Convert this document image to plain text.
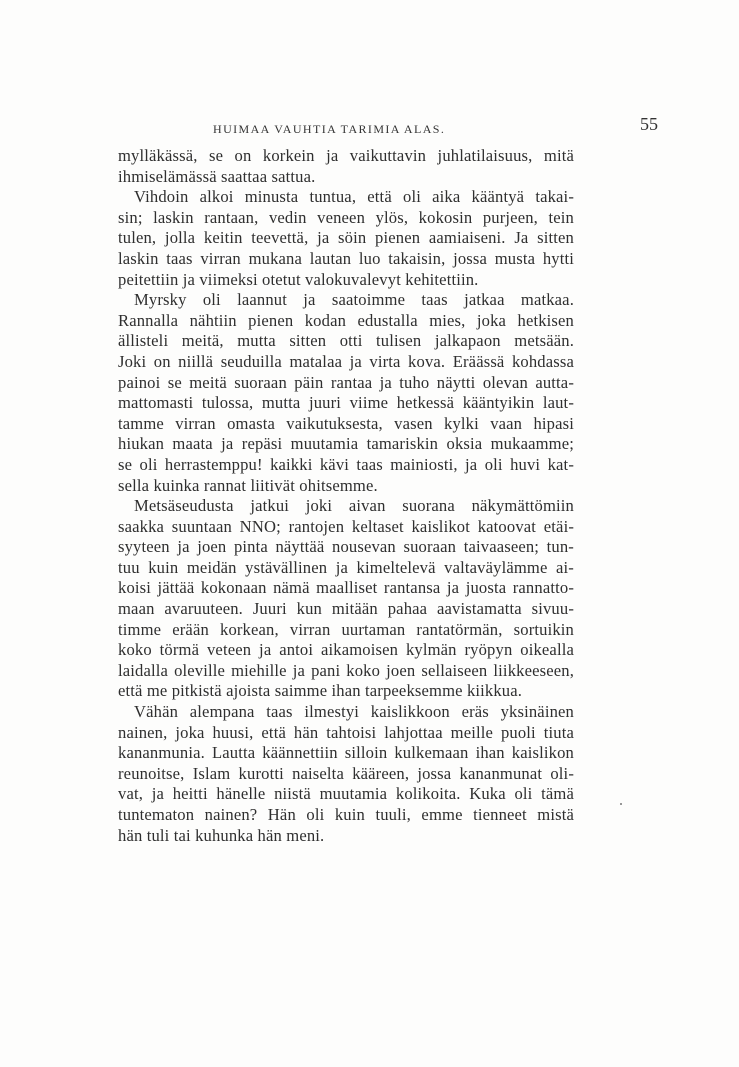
HUIMAA VAUHTIA TARIMIA ALAS.	55
mylläkässä, se on korkein ja vaikuttavin juhlatilaisuus, mitä
ihmiselämässä saattaa sattua.
Vihdoin alkoi minusta tuntua, että oli aika kääntyä takai-
sin; laskin rantaan, vedin veneen ylös, kokosin purjeen, tein
tulen, jolla keitin teevettä, ja söin pienen aamiaiseni. Ja sitten
laskin taas virran mukana lautan luo takaisin, jossa musta hytti
peitettiin ja viimeksi otetut valokuvalevyt kehitettiin.
Myrsky oli laannut ja saatoimme taas jatkaa matkaa.
Rannalla nähtiin pienen kodan edustalla mies, joka hetkisen
ällisteli meitä, mutta sitten otti tulisen jalkapaon metsään.
Joki on niillä seuduilla matalaa ja virta kova. Eräässä kohdassa
painoi se meitä suoraan päin rantaa ja tuho näytti olevan autta-
mattomasti tulossa, mutta juuri viime hetkessä kääntyikin laut-
tamme virran omasta vaikutuksesta, vasen kylki vaan hipasi
hiukan maata ja repäsi muutamia tamariskin oksia mukaamme;
se oli herrastemppu! kaikki kävi taas mainiosti, ja oli huvi kat-
sella kuinka rannat liitivät ohitsemme.
Metsäseudusta jatkui joki aivan suorana näkymättömiin
saakka suuntaan NNO; rantojen keltaset kaislikot katoovat etäi-
syyteen ja joen pinta näyttää nousevan suoraan taivaaseen; tun-
tuu kuin meidän ystävällinen ja kimeltelevä valtaväylämme ai-
koisi jättää kokonaan nämä maalliset rantansa ja juosta rannatto-
maan avaruuteen. Juuri kun mitään pahaa aavistamatta sivuu-
timme erään korkean, virran uurtaman rantatörmän, sortuikin
koko törmä veteen ja antoi aikamoisen kylmän ryöpyn oikealla
laidalla oleville miehille ja pani koko joen sellaiseen liikkeeseen,
että me pitkistä ajoista saimme ihan tarpeeksemme kiikkua.
Vähän alempana taas ilmestyi kaislikkoon eräs yksinäinen
nainen, joka huusi, että hän tahtoisi lahjottaa meille puoli tiuta
kananmunia. Lautta käännettiin silloin kulkemaan ihan kaislikon
reunoitse, Islam kurotti naiselta kääreen, jossa kananmunat oli-
vat, ja heitti hänelle niistä muutamia kolikoita. Kuka oli tämä
tuntematon nainen? Hän oli kuin tuuli, emme tienneet mistä
hän tuli tai kuhunka hän meni.
